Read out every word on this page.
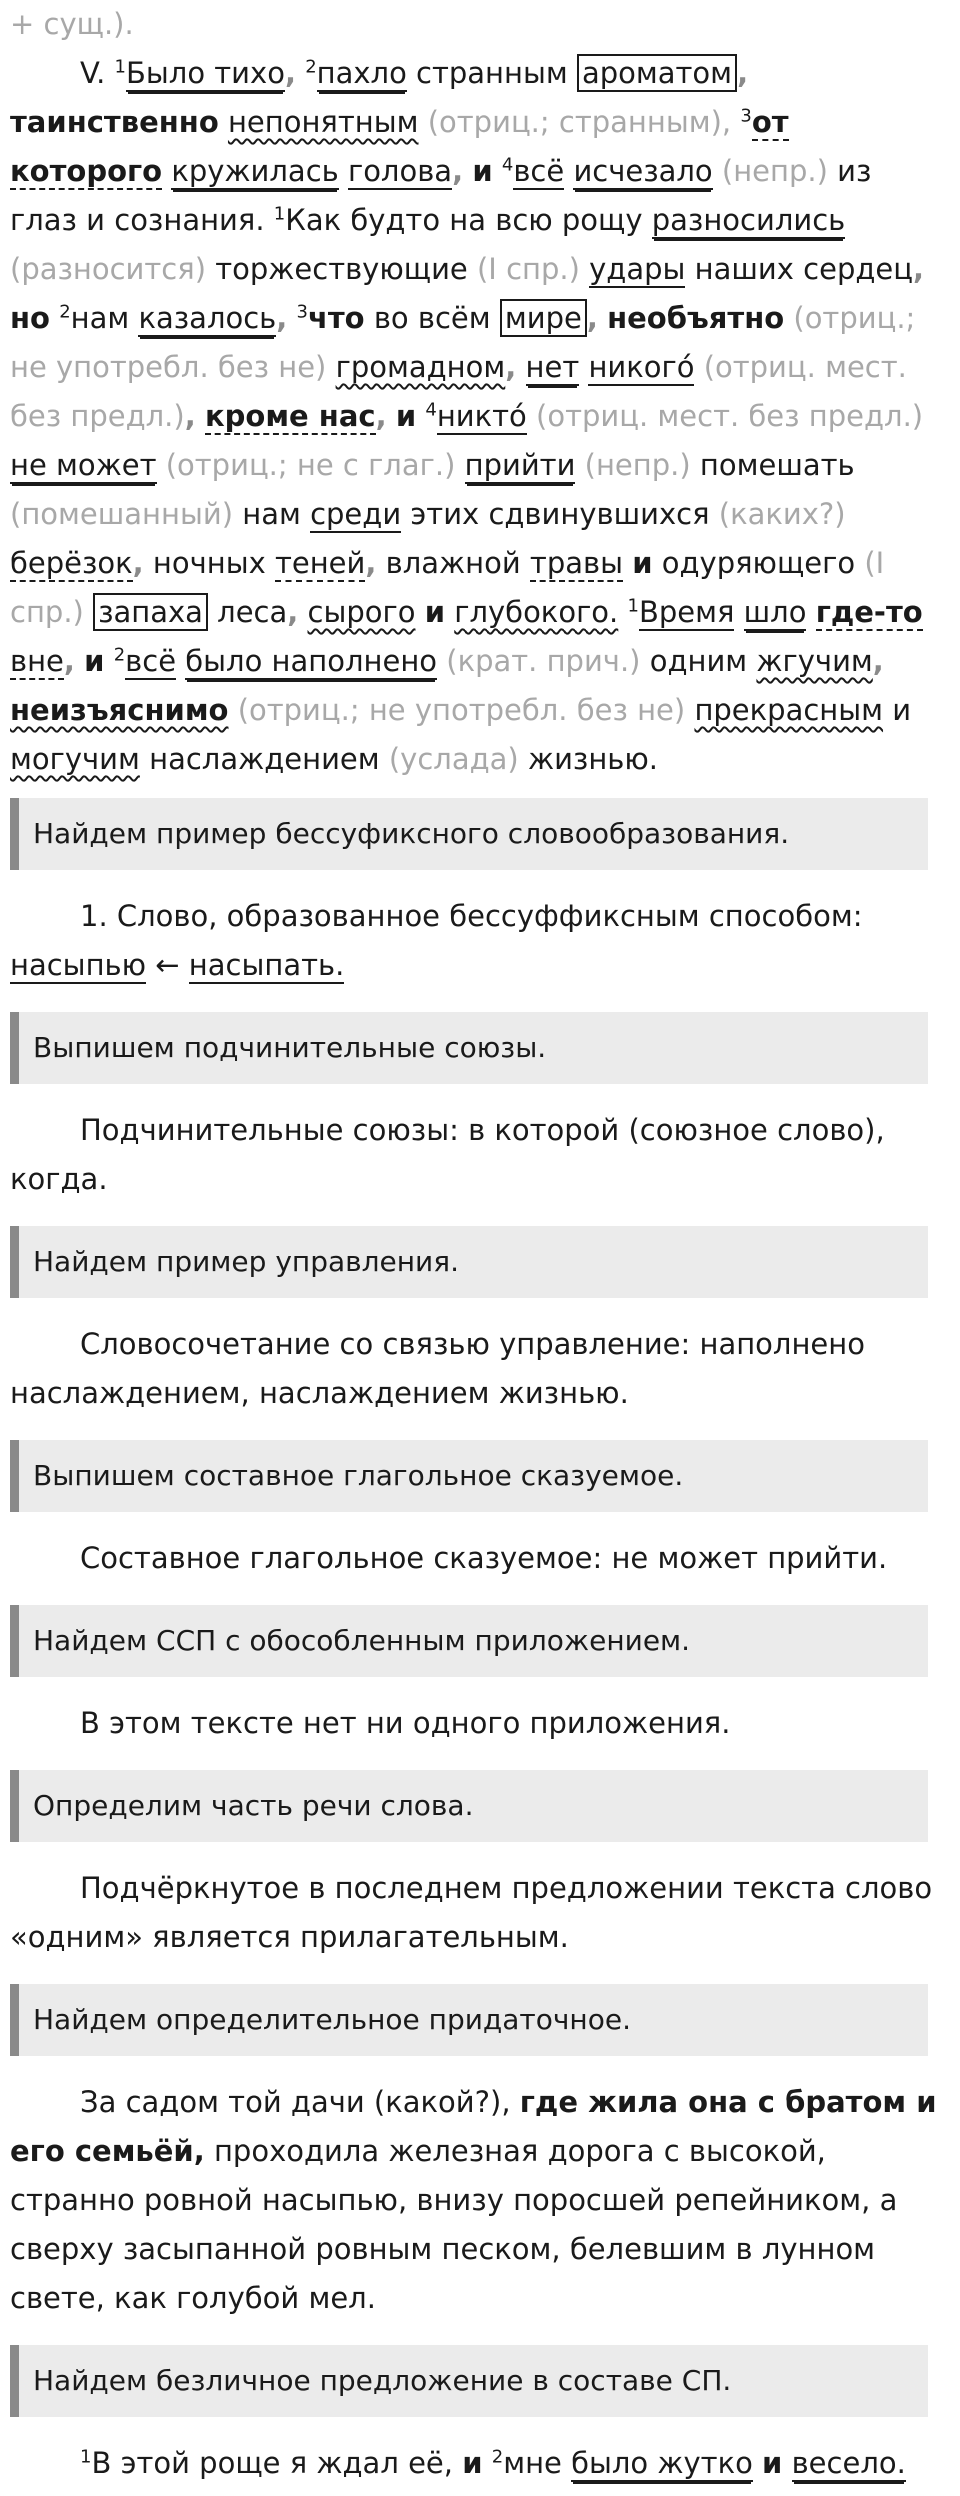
+ сущ.).

V. $^1$Было тихо, $^2$пахло странным ароматом , таинственно непонятным (отриц.; странным), $^3$от которого кружилась голова, и $^4$всё исчезало (непр.) из глаз и сознания. $^1$Как будто на всю рощу разносились (разносится) торжествующие (I спр.) удары наших сердец, но $^2$нам казалось, $^3$что во всём мире , необъятно (отриц.; не употребл. без не) громадном, нет никого́ (отриц. мест. без предл.), кроме нас, и $^4$никто́ (отриц. мест. без предл.) не может (отриц.; не с глаг.) прийти (непр.) помешать (помешанный) нам среди этих сдвинувшихся (каких?) берёзок, ночных теней, влажной травы и одуряющего (I спр.) запаха леса, сырого и глубокого. $^1$Время шло где-то вне, и $^2$всё было наполнено (крат. прич.) одним жгучим, неизъяснимо (отриц.; не употребл. без не) прекрасным и могучим наслаждением (услада) жизнью.

Найдем пример бессуфиксного словообразования.

1. Слово, образованное бессуффиксным способом: насыпью ← насыпать.

Выпишем подчинительные союзы.

Подчинительные союзы: в которой (союзное слово), когда.

Найдем пример управления.

Словосочетание со связью управление: наполнено наслаждением, наслаждением жизнью.

Выпишем составное глагольное сказуемое.

Составное глагольное сказуемое: не может прийти.

Найдем ССП с обособленным приложением.

В этом тексте нет ни одного приложения.

Определим часть речи слова.

Подчёркнутое в последнем предложении текста слово «одним» является прилагательным.

Найдем определительное придаточное.

За садом той дачи (какой?), где жила она с братом и его семьёй, проходила железная дорога с высокой, странно ровной насыпью, внизу поросшей репейником, а сверху засыпанной ровным песком, белевшим в лунном свете, как голубой мел.

Найдем безличное предложение в составе СП.

$^1$В этой роще я ждал её, и $^2$мне было жутко и весело.
